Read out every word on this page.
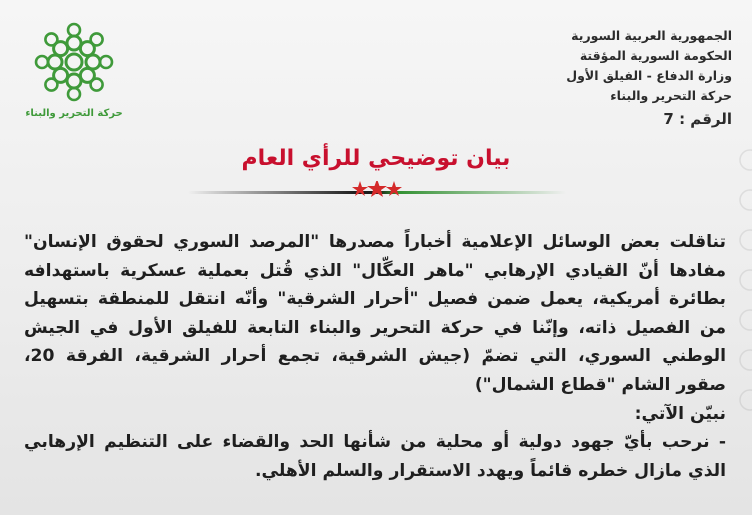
حركة التحرير والبناء
الجمهورية العربية السورية
الحكومة السورية المؤقتة
وزارة الدفاع - الفيلق الأول
حركة التحرير والبناء
الرقم : 7
بيان توضيحي للرأي العام

تناقلت بعض الوسائل الإعلامية أخباراً مصدرها "المرصد السوري لحقوق الإنسان" مفادها أنّ القيادي الإرهابي "ماهر العگّال" الذي قُتل بعملية عسكرية باستهدافه بطائرة أمريكية، يعمل ضمن فصيل "أحرار الشرقية" وأنّه انتقل للمنطقة بتسهيل من الفصيل ذاته، وإنّنا في حركة التحرير والبناء التابعة للفيلق الأول في الجيش الوطني السوري، التي تضمّ (جيش الشرقية، تجمع أحرار الشرقية، الفرقة 20، صقور الشام "قطاع الشمال")

نبيّن الآتي:

- نرحب بأيّ جهود دولية أو محلية من شأنها الحد والقضاء على التنظيم الإرهابي الذي مازال خطره قائماً ويهدد الاستقرار والسلم الأهلي.
